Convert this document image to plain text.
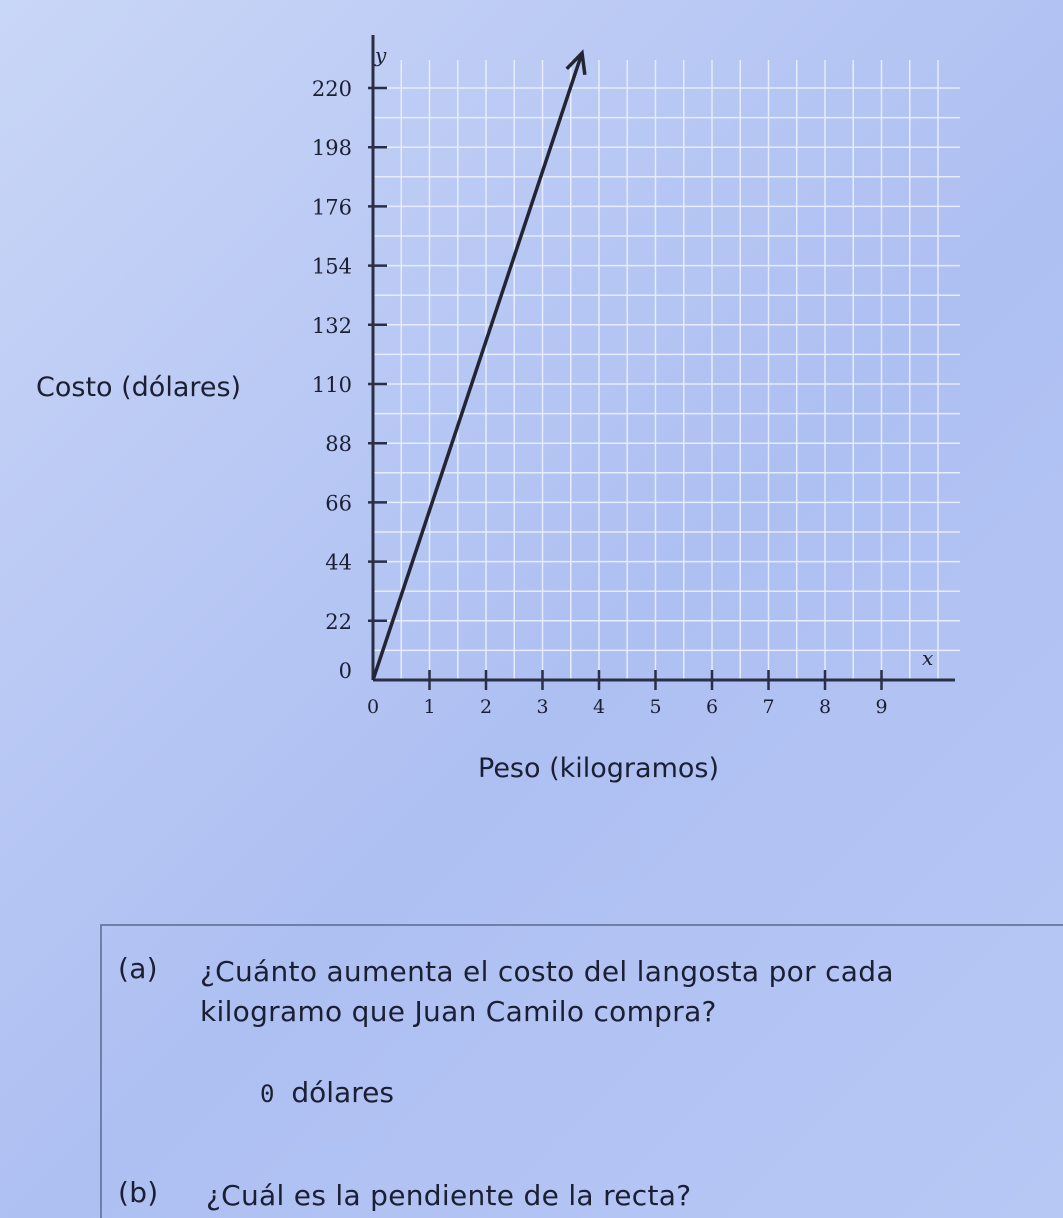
y
x
0
22
44
66
88
110
132
154
176
198
220
0 1 2 3 4 5 6 7 8 9
Costo (dólares)
Peso (kilogramos)
(a) ¿Cuánto aumenta el costo del langosta por cada kilogramo que Juan Camilo compra?
0 dólares
(b) ¿Cuál es la pendiente de la recta?
